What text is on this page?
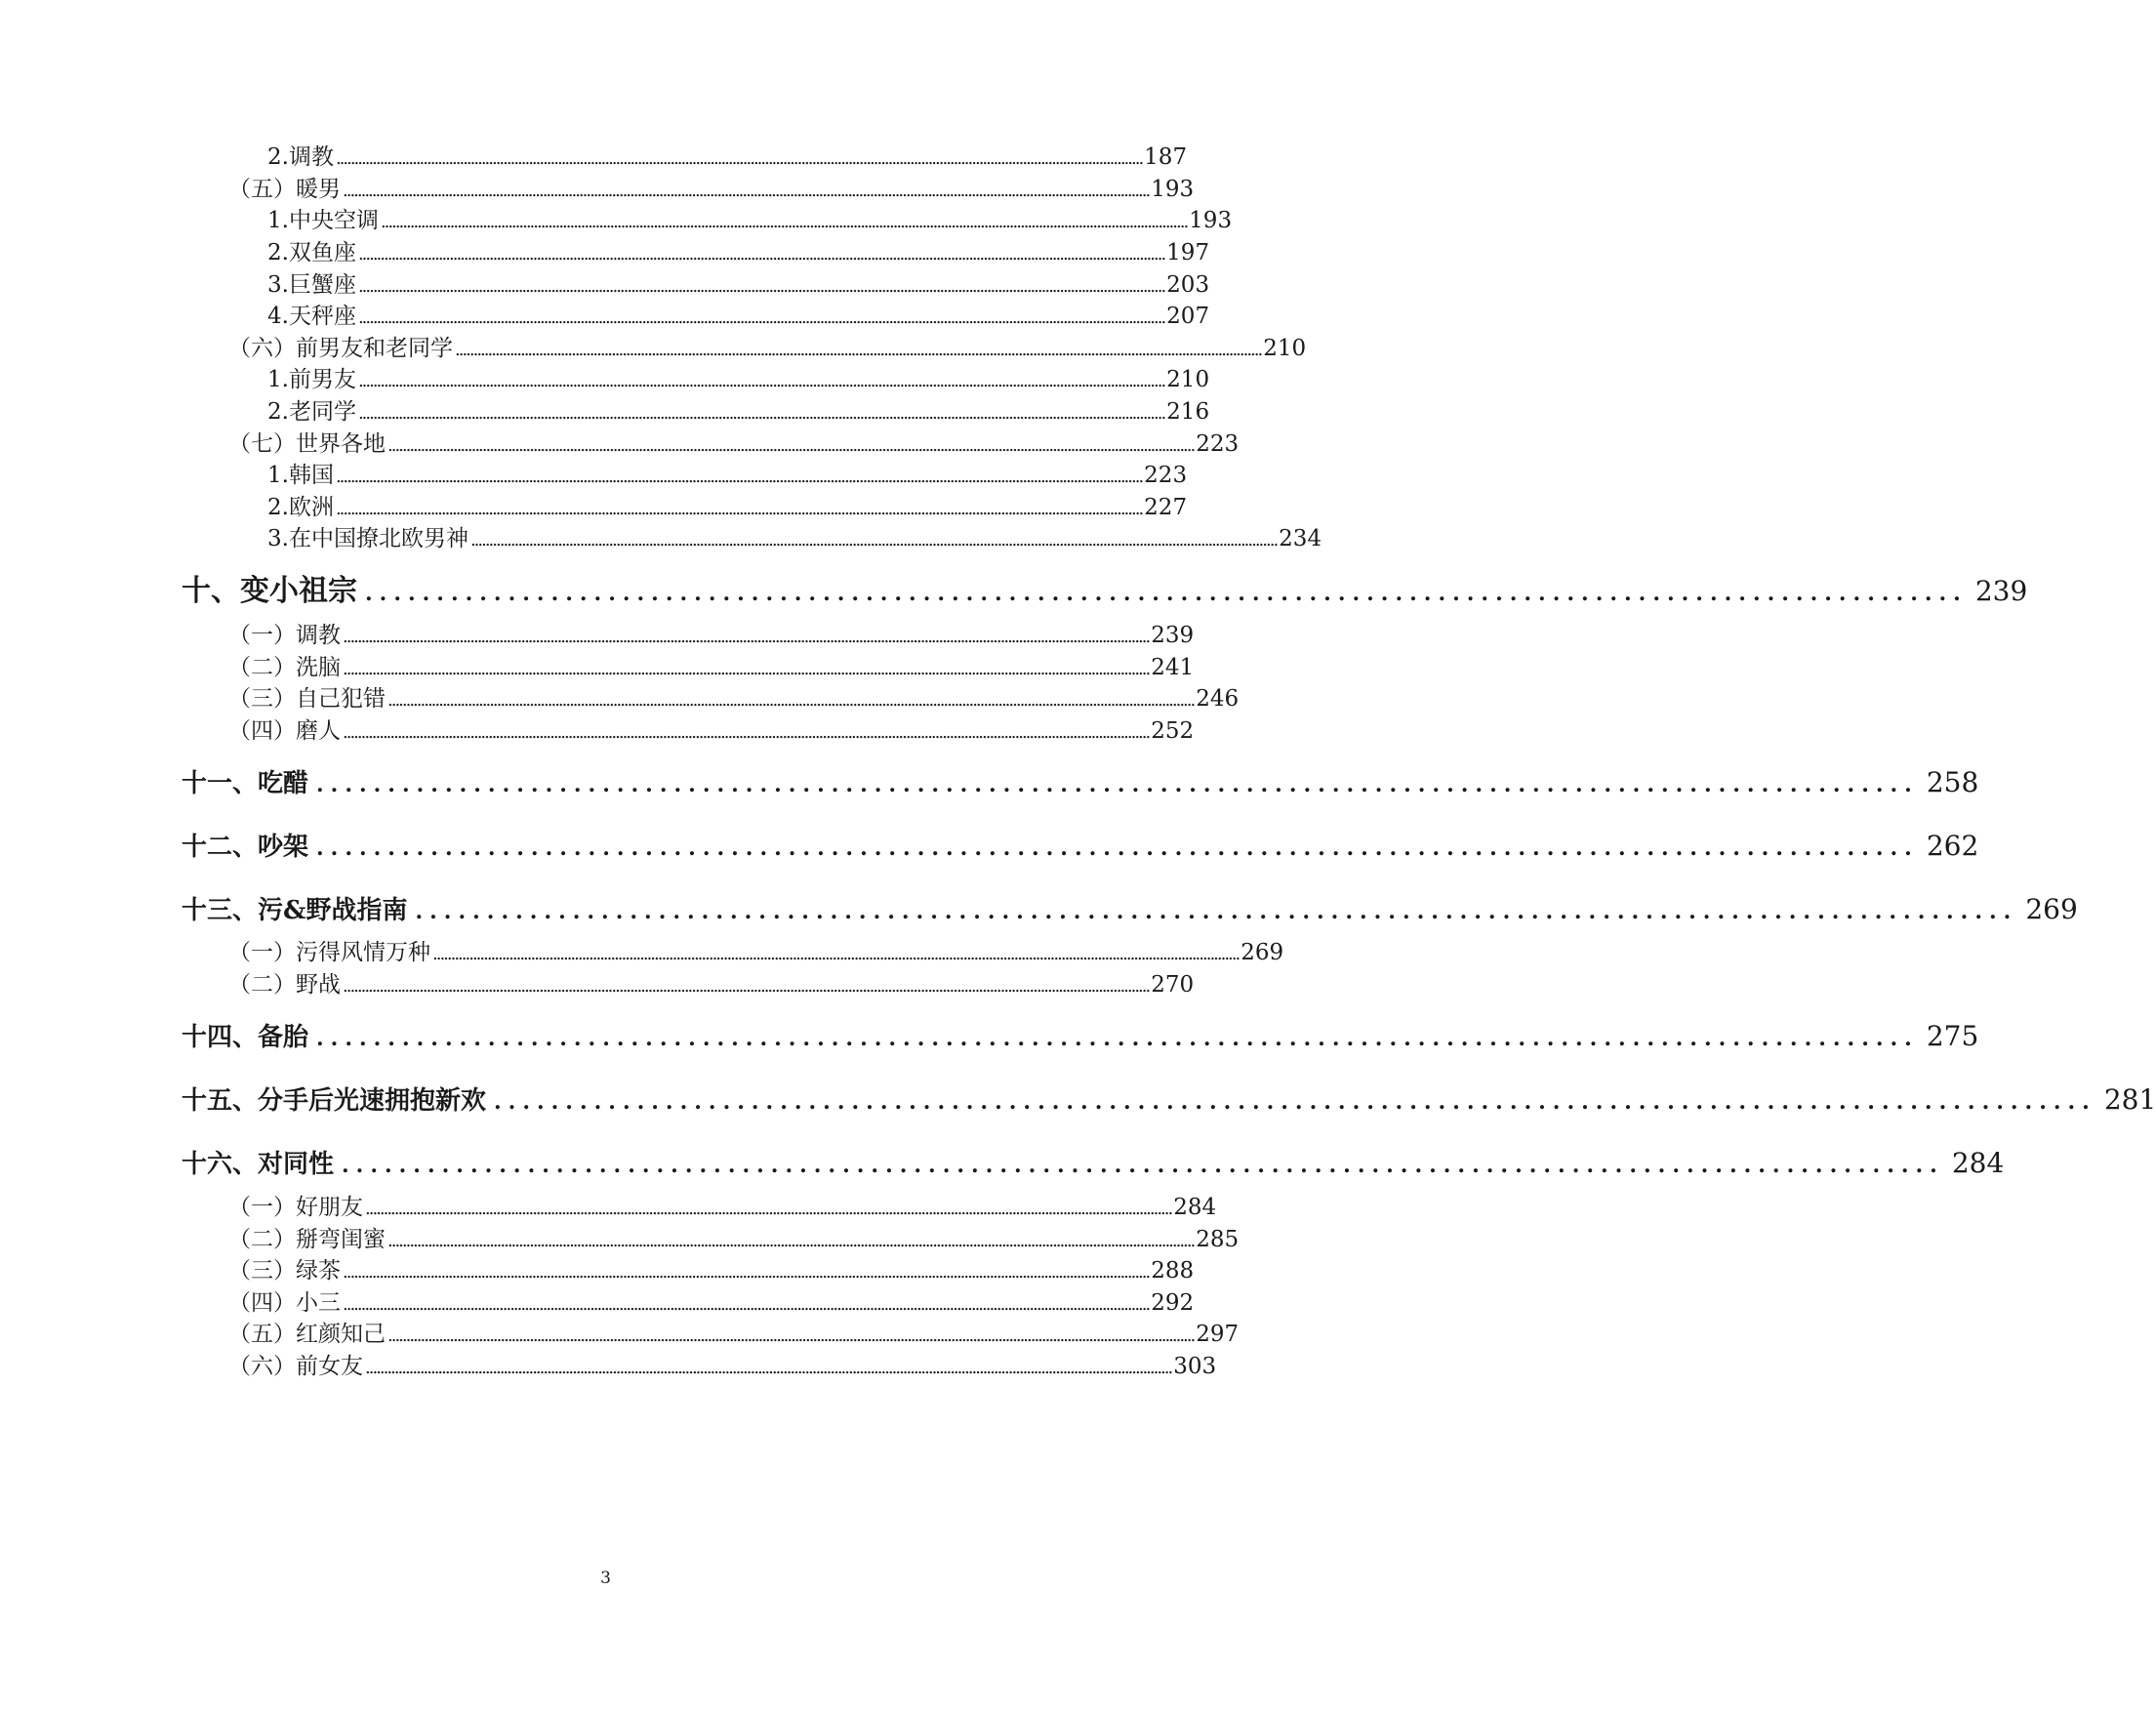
2.调教 .............................................................................................................................................................................................................................. 187
（五）暖男 .............................................................................................................................................................................................................................. 193
1.中央空调 .............................................................................................................................................................................................................................. 193
2.双鱼座 .............................................................................................................................................................................................................................. 197
3.巨蟹座 .............................................................................................................................................................................................................................. 203
4.天秤座 .............................................................................................................................................................................................................................. 207
（六）前男友和老同学 .............................................................................................................................................................................................................................. 210
1.前男友 .............................................................................................................................................................................................................................. 210
2.老同学 .............................................................................................................................................................................................................................. 216
（七）世界各地 .............................................................................................................................................................................................................................. 223
1.韩国 .............................................................................................................................................................................................................................. 223
2.欧洲 .............................................................................................................................................................................................................................. 227
3.在中国撩北欧男神 .............................................................................................................................................................................................................................. 234
十、变小祖宗 ................................................................................................................ 239
（一）调教 .............................................................................................................................................................................................................................. 239
（二）洗脑 .............................................................................................................................................................................................................................. 241
（三）自己犯错 .............................................................................................................................................................................................................................. 246
（四）磨人 .............................................................................................................................................................................................................................. 252
十一、吃醋 ................................................................................................................ 258
十二、吵架 ................................................................................................................ 262
十三、污&野战指南 ................................................................................................................ 269
（一）污得风情万种 .............................................................................................................................................................................................................................. 269
（二）野战 .............................................................................................................................................................................................................................. 270
十四、备胎 ................................................................................................................ 275
十五、分手后光速拥抱新欢 ................................................................................................................ 281
十六、对同性 ................................................................................................................ 284
（一）好朋友 .............................................................................................................................................................................................................................. 284
（二）掰弯闺蜜 .............................................................................................................................................................................................................................. 285
（三）绿茶 .............................................................................................................................................................................................................................. 288
（四）小三 .............................................................................................................................................................................................................................. 292
（五）红颜知己 .............................................................................................................................................................................................................................. 297
（六）前女友 .............................................................................................................................................................................................................................. 303
3
